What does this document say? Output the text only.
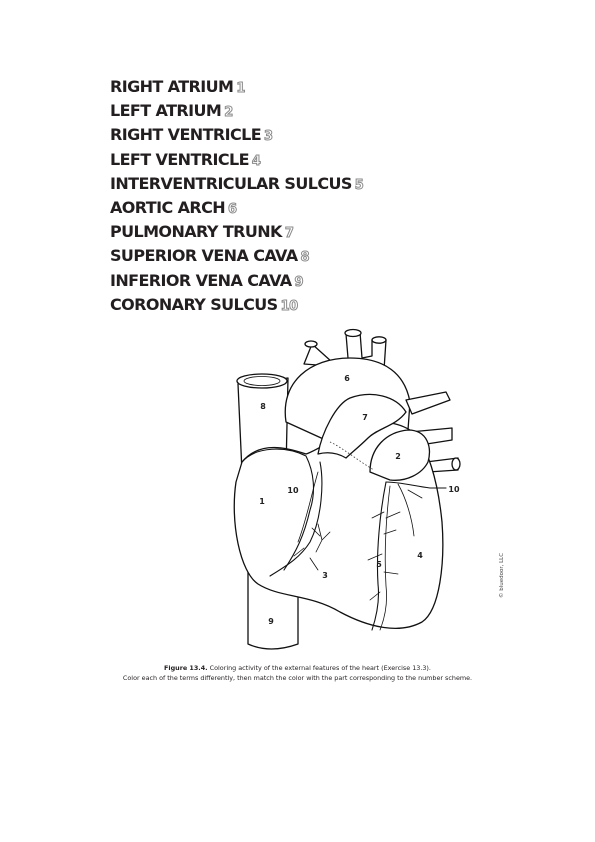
RIGHT ATRIUM 1
LEFT ATRIUM 2
RIGHT VENTRICLE 3
LEFT VENTRICLE 4
INTERVENTRICULAR SULCUS 5
AORTIC ARCH 6
PULMONARY TRUNK 7
SUPERIOR VENA CAVA 8
INFERIOR VENA CAVA 9
CORONARY SULCUS 10
1
2
3
4
5
6
7
8
9
10	10
© bluedoor, LLC
Figure 13.4. Coloring activity of the external features of the heart (Exercise 13.3).
Color each of the terms differently, then match the color with the part corresponding to the number scheme.
